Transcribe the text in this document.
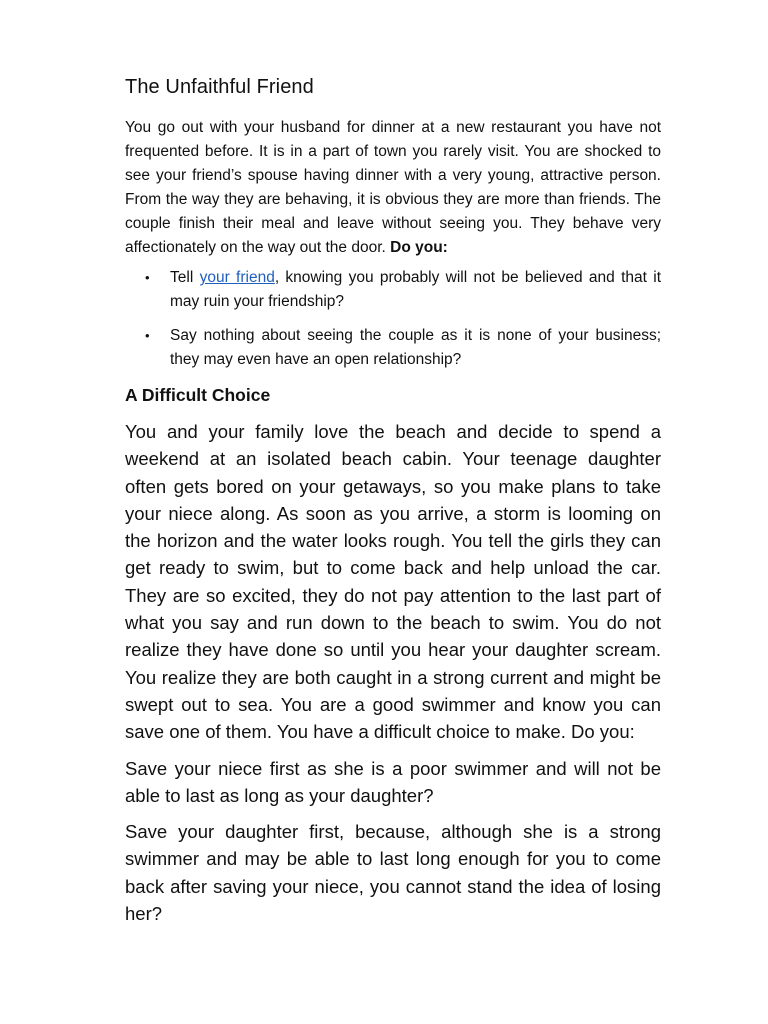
The Unfaithful Friend

You go out with your husband for dinner at a new restaurant you have not frequented before. It is in a part of town you rarely visit. You are shocked to see your friend’s spouse having dinner with a very young, attractive person. From the way they are behaving, it is obvious they are more than friends. The couple finish their meal and leave without seeing you. They behave very affectionately on the way out the door. Do you:

• Tell your friend, knowing you probably will not be believed and that it may ruin your friendship?
• Say nothing about seeing the couple as it is none of your business; they may even have an open relationship?
A Difficult Choice

You and your family love the beach and decide to spend a weekend at an isolated beach cabin. Your teenage daughter often gets bored on your getaways, so you make plans to take your niece along. As soon as you arrive, a storm is looming on the horizon and the water looks rough. You tell the girls they can get ready to swim, but to come back and help unload the car. They are so excited, they do not pay attention to the last part of what you say and run down to the beach to swim. You do not realize they have done so until you hear your daughter scream. You realize they are both caught in a strong current and might be swept out to sea. You are a good swimmer and know you can save one of them. You have a difficult choice to make. Do you:

Save your niece first as she is a poor swimmer and will not be able to last as long as your daughter?

Save your daughter first, because, although she is a strong swimmer and may be able to last long enough for you to come back after saving your niece, you cannot stand the idea of losing her?
